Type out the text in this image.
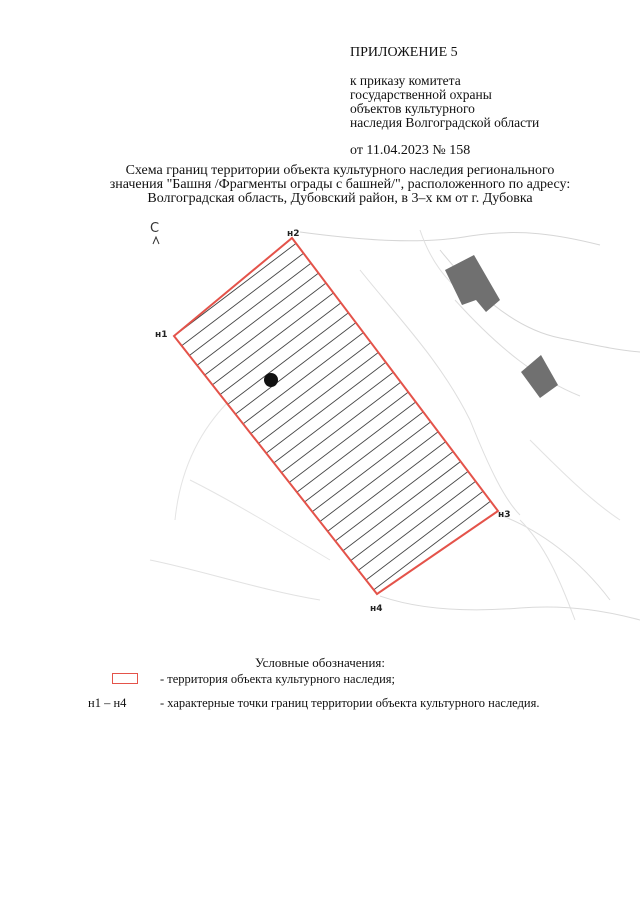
ПРИЛОЖЕНИЕ 5
к приказу комитета
государственной охраны
объектов культурного
наследия Волгоградской области
от 11.04.2023 № 158
Схема границ территории объекта культурного наследия регионального
значения "Башня /Фрагменты ограды с башней/", расположенного по адресу:
Волгоградская область, Дубовский район, в 3–х км от г. Дубовка
н1
н2
н3
н4
С
Условные обозначения:
- территория объекта культурного наследия;
н1 – н4	- характерные точки границ территории объекта культурного наследия.
